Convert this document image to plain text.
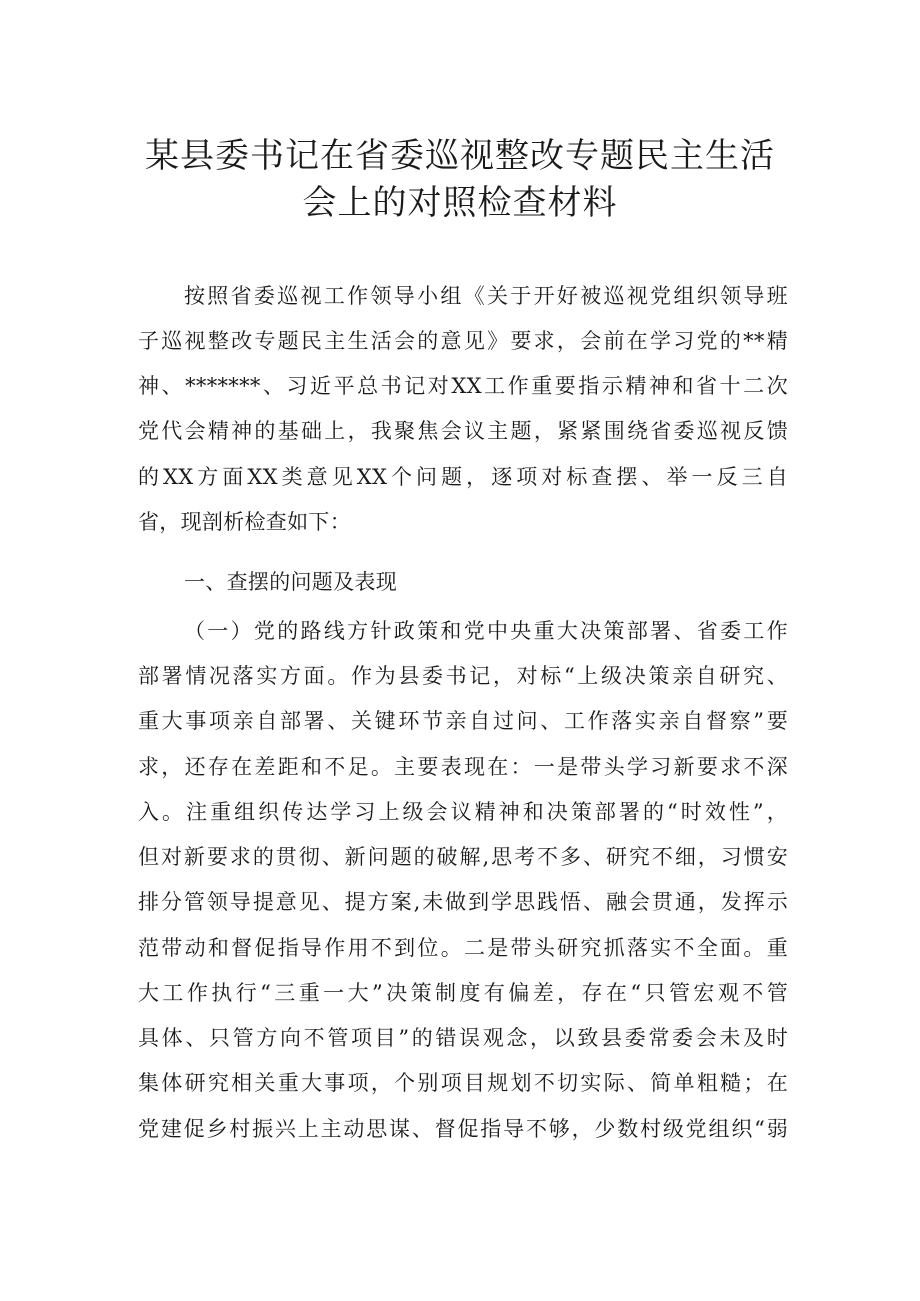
某县委书记在省委巡视整改专题民主生活
会上的对照检查材料
按照省委巡视工作领导小组《关于开好被巡视党组织领导班
子巡视整改专题民主生活会的意见》要求，会前在学习党的**精
神、*******、习近平总书记对XX工作重要指示精神和省十二次
党代会精神的基础上，我聚焦会议主题，紧紧围绕省委巡视反馈
的XX方面XX类意见XX个问题，逐项对标查摆、举一反三自
省，现剖析检查如下：
一、查摆的问题及表现
（一）党的路线方针政策和党中央重大决策部署、省委工作
部署情况落实方面。作为县委书记，对标“上级决策亲自研究、
重大事项亲自部署、关键环节亲自过问、工作落实亲自督察”要
求，还存在差距和不足。主要表现在：一是带头学习新要求不深
入。注重组织传达学习上级会议精神和决策部署的“时效性”，
但对新要求的贯彻、新问题的破解,思考不多、研究不细，习惯安
排分管领导提意见、提方案,未做到学思践悟、融会贯通，发挥示
范带动和督促指导作用不到位。二是带头研究抓落实不全面。重
大工作执行“三重一大”决策制度有偏差，存在“只管宏观不管
具体、只管方向不管项目”的错误观念，以致县委常委会未及时
集体研究相关重大事项，个别项目规划不切实际、简单粗糙；在
党建促乡村振兴上主动思谋、督促指导不够，少数村级党组织“弱
